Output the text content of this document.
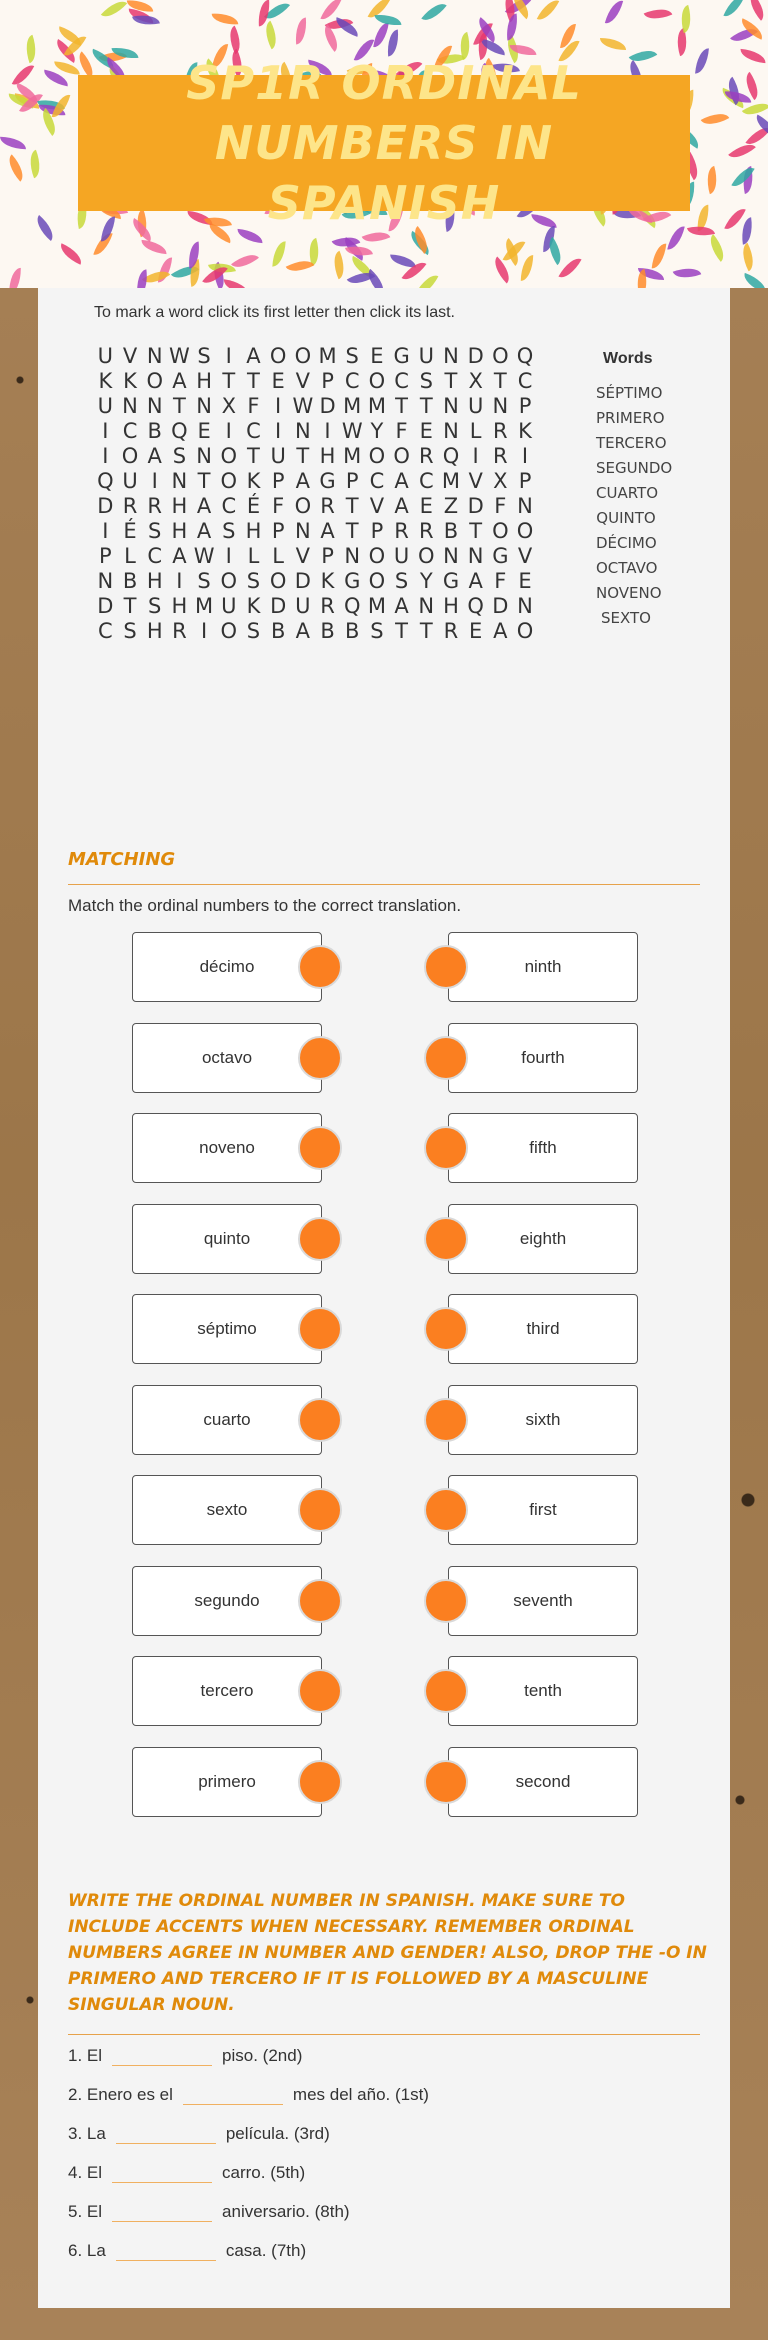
SP1R ORDINAL NUMBERS IN SPANISH
To mark a word click its first letter then click its last.
U V N W S I A O O M S E G U N D O Q
K K O A H T T E V P C O C S T X T C
U N N T N X F I W D M M T T N U N P
I C B Q E I C I N I W Y F E N L R K
I O A S N O T U T H M O O R Q I R I
Q U I N T O K P A G P C A C M V X P
D R R H A C É F O R T V A E Z D F N
I É S H A S H P N A T P R R B T O O
P L C A W I L L V P N O U O N N G V
N B H I S O S O D K G O S Y G A F E
D T S H M U K D U R Q M A N H Q D N
C S H R I O S B A B B S T T R E A O
Words
SÉPTIMO
PRIMERO
TERCERO
SEGUNDO
CUARTO
QUINTO
DÉCIMO
OCTAVO
NOVENO
SEXTO
MATCHING
Match the ordinal numbers to the correct translation.
décimo
octavo
noveno
quinto
séptimo
cuarto
sexto
segundo
tercero
primero
ninth
fourth
fifth
eighth
third
sixth
first
seventh
tenth
second
WRITE THE ORDINAL NUMBER IN SPANISH. MAKE SURE TO INCLUDE ACCENTS WHEN NECESSARY. REMEMBER ORDINAL NUMBERS AGREE IN NUMBER AND GENDER! ALSO, DROP THE -O IN PRIMERO AND TERCERO IF IT IS FOLLOWED BY A MASCULINE SINGULAR NOUN.
1. El	piso. (2nd)
2. Enero es el	mes del año. (1st)
3. La	película. (3rd)
4. El	carro. (5th)
5. El	aniversario. (8th)
6. La	casa. (7th)
